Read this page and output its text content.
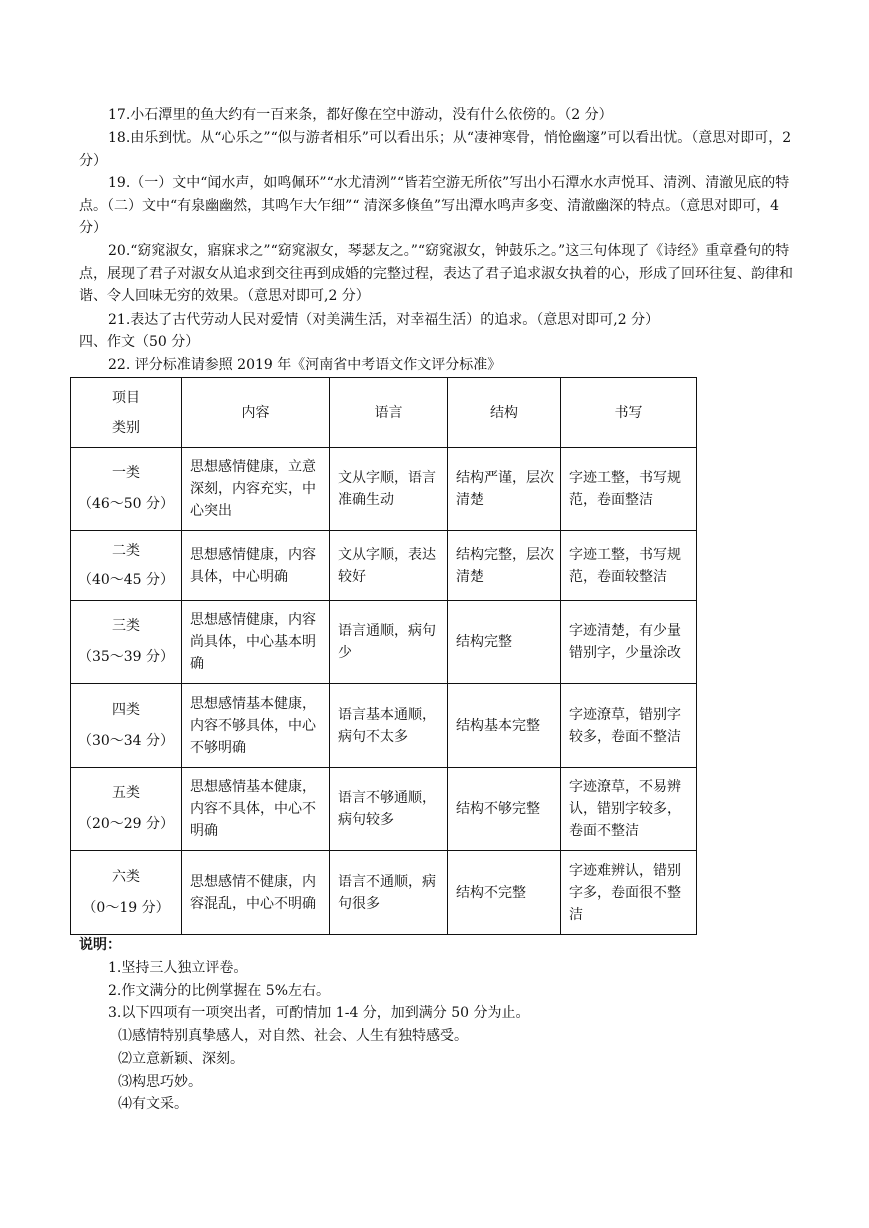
17.小石潭里的鱼大约有一百来条，都好像在空中游动，没有什么依傍的。（2 分）

18.由乐到忧。从“心乐之”“似与游者相乐”可以看出乐；从“凄神寒骨，悄怆幽邃”可以看出忧。（意思对即可，2 分）

19.（一）文中“闻水声，如鸣佩环”“水尤清洌”“皆若空游无所依”写出小石潭水水声悦耳、清洌、清澈见底的特点。（二）文中“有泉幽幽然，其鸣乍大乍细”“ 清深多倏鱼”写出潭水鸣声多变、清澈幽深的特点。（意思对即可，4 分）

20.“窈窕淑女，寤寐求之”“窈窕淑女，琴瑟友之。”“窈窕淑女，钟鼓乐之。”这三句体现了《诗经》重章叠句的特点，展现了君子对淑女从追求到交往再到成婚的完整过程，表达了君子追求淑女执着的心，形成了回环往复、韵律和谐、令人回味无穷的效果。（意思对即可,2 分）

21.表达了古代劳动人民对爱情（对美满生活，对幸福生活）的追求。（意思对即可,2 分）

四、作文（50 分）

22. 评分标准请参照 2019 年《河南省中考语文作文评分标准》

项目
类别	内容	语言	结构	书写

一类
（46～50 分）	思想感情健康，立意深刻，内容充实，中心突出	文从字顺，语言准确生动	结构严谨，层次清楚	字迹工整，书写规范，卷面整洁

二类
（40～45 分）	思想感情健康，内容具体，中心明确	文从字顺，表达较好	结构完整，层次清楚	字迹工整，书写规范，卷面较整洁

三类
（35～39 分）	思想感情健康，内容尚具体，中心基本明确	语言通顺，病句少	结构完整	字迹清楚，有少量错别字，少量涂改

四类
（30～34 分）	思想感情基本健康，内容不够具体，中心不够明确	语言基本通顺，病句不太多	结构基本完整	字迹潦草，错别字较多，卷面不整洁

五类
（20～29 分）	思想感情基本健康，内容不具体，中心不明确	语言不够通顺，病句较多	结构不够完整	字迹潦草，不易辨认，错别字较多，卷面不整洁

六类
（0～19 分）	思想感情不健康，内容混乱，中心不明确	语言不通顺，病句很多	结构不完整	字迹难辨认，错别字多，卷面很不整洁

说明：

1.坚持三人独立评卷。

2.作文满分的比例掌握在 5%左右。

3.以下四项有一项突出者，可酌情加 1-4 分，加到满分 50 分为止。

⑴感情特别真挚感人，对自然、社会、人生有独特感受。

⑵立意新颖、深刻。

⑶构思巧妙。

⑷有文采。
